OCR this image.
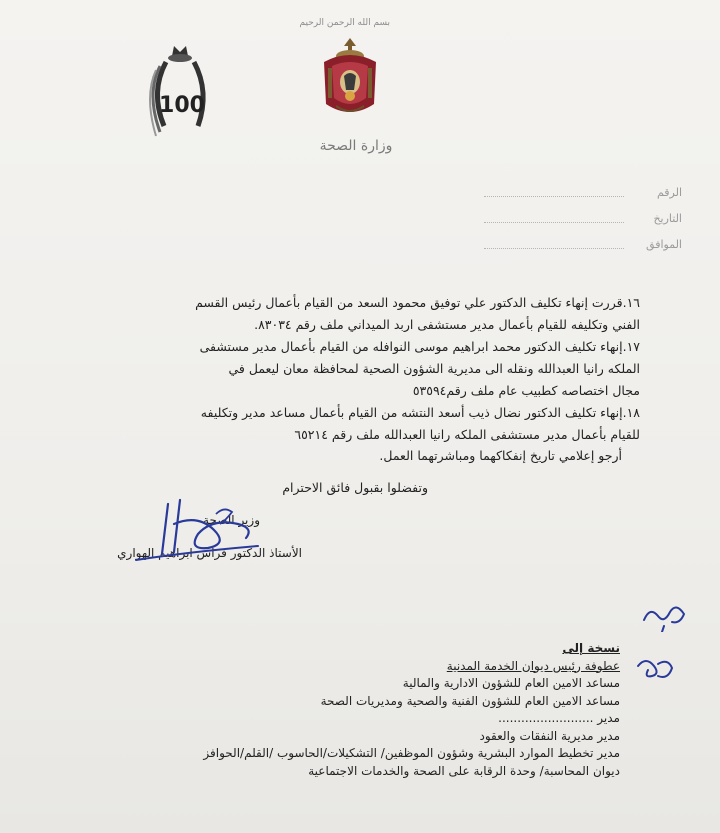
بسم الله الرحمن الرحيم
وزارة الصحة
100
الرقم
التاريخ
الموافق
١٦.قررت إنهاء تكليف الدكتور علي توفيق محمود السعد من القيام بأعمال رئيس القسم
الفني وتكليفه للقيام بأعمال مدير مستشفى اربد الميداني ملف رقم ٨٣٠٣٤.
١٧.إنهاء تكليف الدكتور محمد ابراهيم موسى النوافله من القيام بأعمال مدير مستشفى
الملكه رانيا العبدالله ونقله الى مديرية الشؤون الصحية لمحافظة معان ليعمل في
مجال اختصاصه كطبيب عام ملف رقم٥٣٥٩٤
١٨.إنهاء تكليف الدكتور نضال ذيب أسعد النتشه من القيام بأعمال مساعد مدير وتكليفه
للقيام بأعمال مدير مستشفى الملكه رانيا العبدالله ملف رقم ٦٥٢١٤
أرجو إعلامي تاريخ إنفكاكهما ومباشرتهما العمل.
وتفضلوا بقبول فائق الاحترام
وزير الصحة
الأستاذ الدكتور فراس ابراهيم الهواري
نسخة إلى
عطوفة رئيس ديوان الخدمة المدنية
مساعد الامين العام للشؤون الادارية والمالية
مساعد الامين العام للشؤون الفنية والصحية ومديريات الصحة
مدير .........................
مدير مديرية النفقات والعقود
مدير تخطيط الموارد البشرية وشؤون الموظفين/ التشكيلات/الحاسوب /القلم/الحوافز
ديوان المحاسبة/ وحدة الرقابة على الصحة والخدمات الاجتماعية
